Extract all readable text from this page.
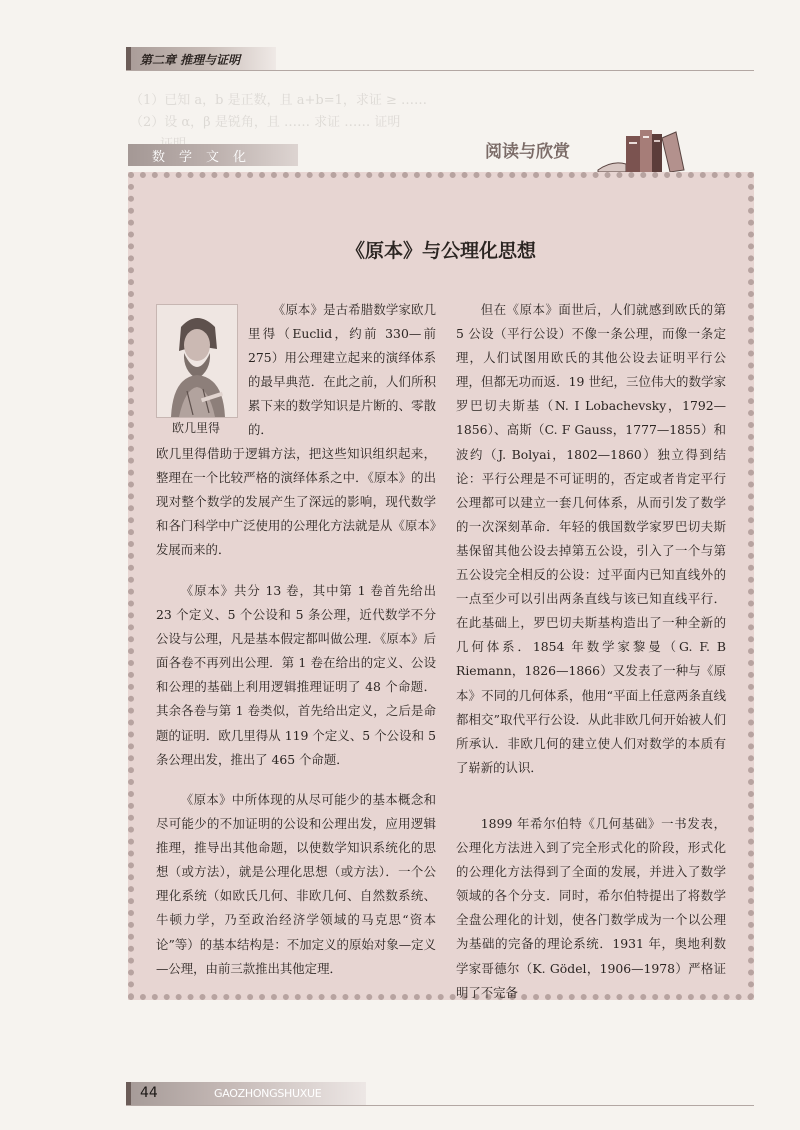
第二章 推理与证明
（1）已知 a，b 是正数，且 a+b=1，求证 ≥ ……
（2）设 α，β 是锐角，且 …… 求证 …… 证明
数学文化	阅读与欣赏
《原本》与公理化思想
欧几里得

《原本》是古希腊数学家欧几里得（Euclid，约前 330—前 275）用公理建立起来的演绎体系的最早典范．在此之前，人们所积累下来的数学知识是片断的、零散的．

欧几里得借助于逻辑方法，把这些知识组织起来，整理在一个比较严格的演绎体系之中．《原本》的出现对整个数学的发展产生了深远的影响，现代数学和各门科学中广泛使用的公理化方法就是从《原本》发展而来的．

《原本》共分 13 卷，其中第 1 卷首先给出 23 个定义、5 个公设和 5 条公理，近代数学不分公设与公理，凡是基本假定都叫做公理．《原本》后面各卷不再列出公理．第 1 卷在给出的定义、公设和公理的基础上利用逻辑推理证明了 48 个命题．其余各卷与第 1 卷类似，首先给出定义，之后是命题的证明．欧几里得从 119 个定义、5 个公设和 5 条公理出发，推出了 465 个命题．

《原本》中所体现的从尽可能少的基本概念和尽可能少的不加证明的公设和公理出发，应用逻辑推理，推导出其他命题，以使数学知识系统化的思想（或方法），就是公理化思想（或方法）．一个公理化系统（如欧氏几何、非欧几何、自然数系统、牛顿力学，乃至政治经济学领域的马克思“资本论”等）的基本结构是：不加定义的原始对象—定义—公理，由前三款推出其他定理．

但在《原本》面世后，人们就感到欧氏的第 5 公设（平行公设）不像一条公理，而像一条定理，人们试图用欧氏的其他公设去证明平行公理，但都无功而返．19 世纪，三位伟大的数学家罗巴切夫斯基（N. I Lobachevsky，1792—1856）、高斯（C. F Gauss，1777—1855）和波约（J. Bolyai，1802—1860）独立得到结论：平行公理是不可证明的，否定或者肯定平行公理都可以建立一套几何体系，从而引发了数学的一次深刻革命．年轻的俄国数学家罗巴切夫斯基保留其他公设去掉第五公设，引入了一个与第五公设完全相反的公设：过平面内已知直线外的一点至少可以引出两条直线与该已知直线平行．在此基础上，罗巴切夫斯基构造出了一种全新的几何体系．1854 年数学家黎曼（G. F. B Riemann，1826—1866）又发表了一种与《原本》不同的几何体系，他用“平面上任意两条直线都相交”取代平行公设．从此非欧几何开始被人们所承认．非欧几何的建立使人们对数学的本质有了崭新的认识．

1899 年希尔伯特《几何基础》一书发表，公理化方法进入到了完全形式化的阶段，形式化的公理化方法得到了全面的发展，并进入了数学领域的各个分支．同时，希尔伯特提出了将数学全盘公理化的计划，使各门数学成为一个以公理为基础的完备的理论系统．1931 年，奥地利数学家哥德尔（K. Gödel，1906—1978）严格证明了不完备

44	GAOZHONGSHUXUE
